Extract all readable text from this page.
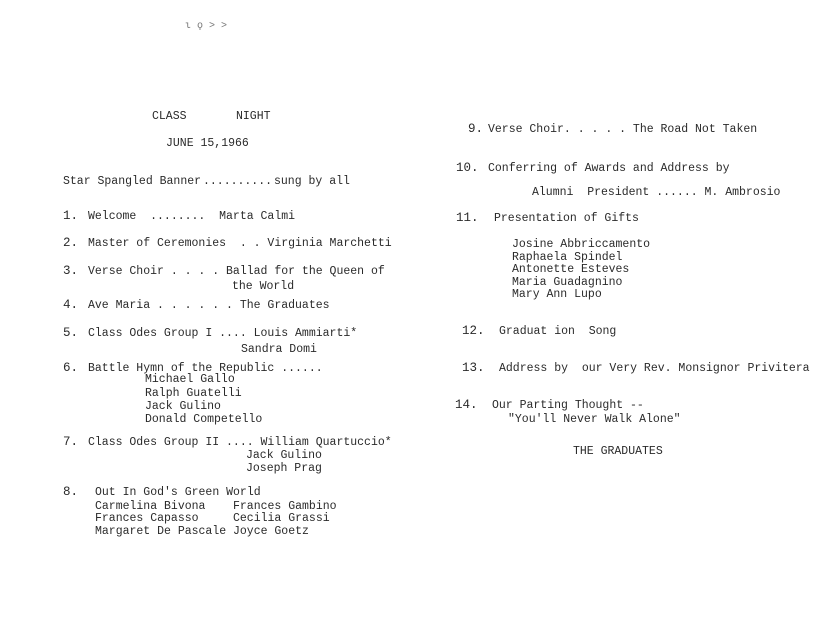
ι ϙ > >
CLASS	NIGHT
JUNE 15,1966
Star Spangled Banner .......... sung by all
1. Welcome  ........  Marta Calmi
2. Master of Ceremonies  . . Virginia Marchetti
3. Verse Choir . . . . Ballad for the Queen of
the World
4. Ave Maria . . . . . . The Graduates
5. Class Odes Group I .... Louis Ammiarti*
Sandra Domi
6. Battle Hymn of the Republic ......
Michael Gallo
Ralph Guatelli
Jack Gulino
Donald Competello
7. Class Odes Group II .... William Quartuccio*
Jack Gulino
Joseph Prag
8. Out In God's Green World
Carmelina Bivona
Frances Capasso
Margaret De Pascale
Frances Gambino
Cecilia Grassi
Joyce Goetz
9. Verse Choir. . . . . The Road Not Taken
10. Conferring of Awards and Address by
Alumni  President ...... M. Ambrosio
11. Presentation of Gifts
Josine Abbriccamento
Raphaela Spindel
Antonette Esteves
Maria Guadagnino
Mary Ann Lupo
12. Graduat ion  Song
13. Address by  our Very Rev. Monsignor Privitera
14. Our Parting Thought --
"You'll Never Walk Alone"
THE GRADUATES
